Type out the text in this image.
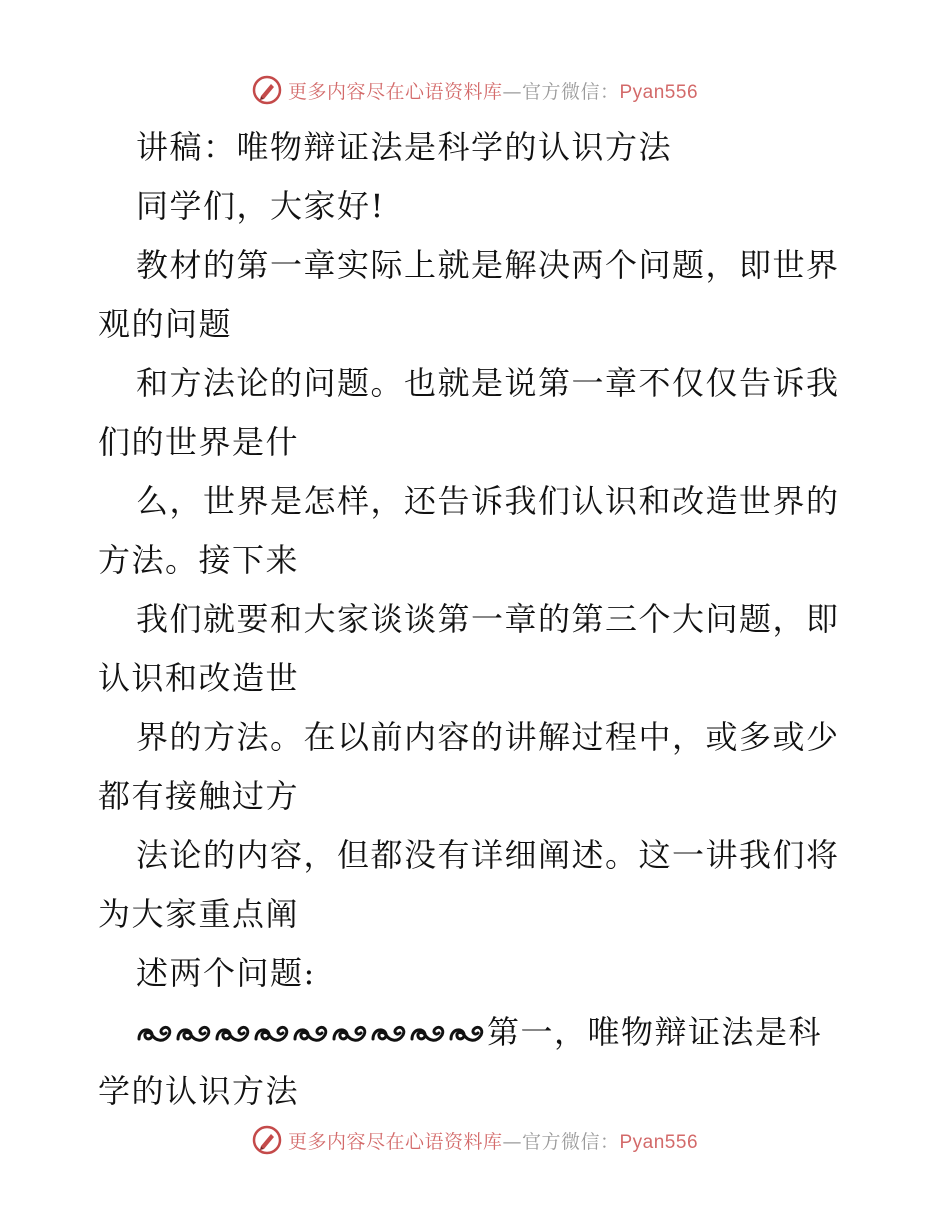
更多内容尽在心语资料库—官方微信：Pyan556
讲稿：唯物辩证法是科学的认识方法
同学们，大家好!
教材的第一章实际上就是解决两个问题，即世界
观的问题
和方法论的问题。也就是说第一章不仅仅告诉我
们的世界是什
么，世界是怎样，还告诉我们认识和改造世界的
方法。接下来
我们就要和大家谈谈第一章的第三个大问题，即
认识和改造世
界的方法。在以前内容的讲解过程中，或多或少
都有接触过方
法论的内容，但都没有详细阐述。这一讲我们将
为大家重点阐
述两个问题:
第一，唯物辩证法是科
学的认识方法
更多内容尽在心语资料库—官方微信：Pyan556
